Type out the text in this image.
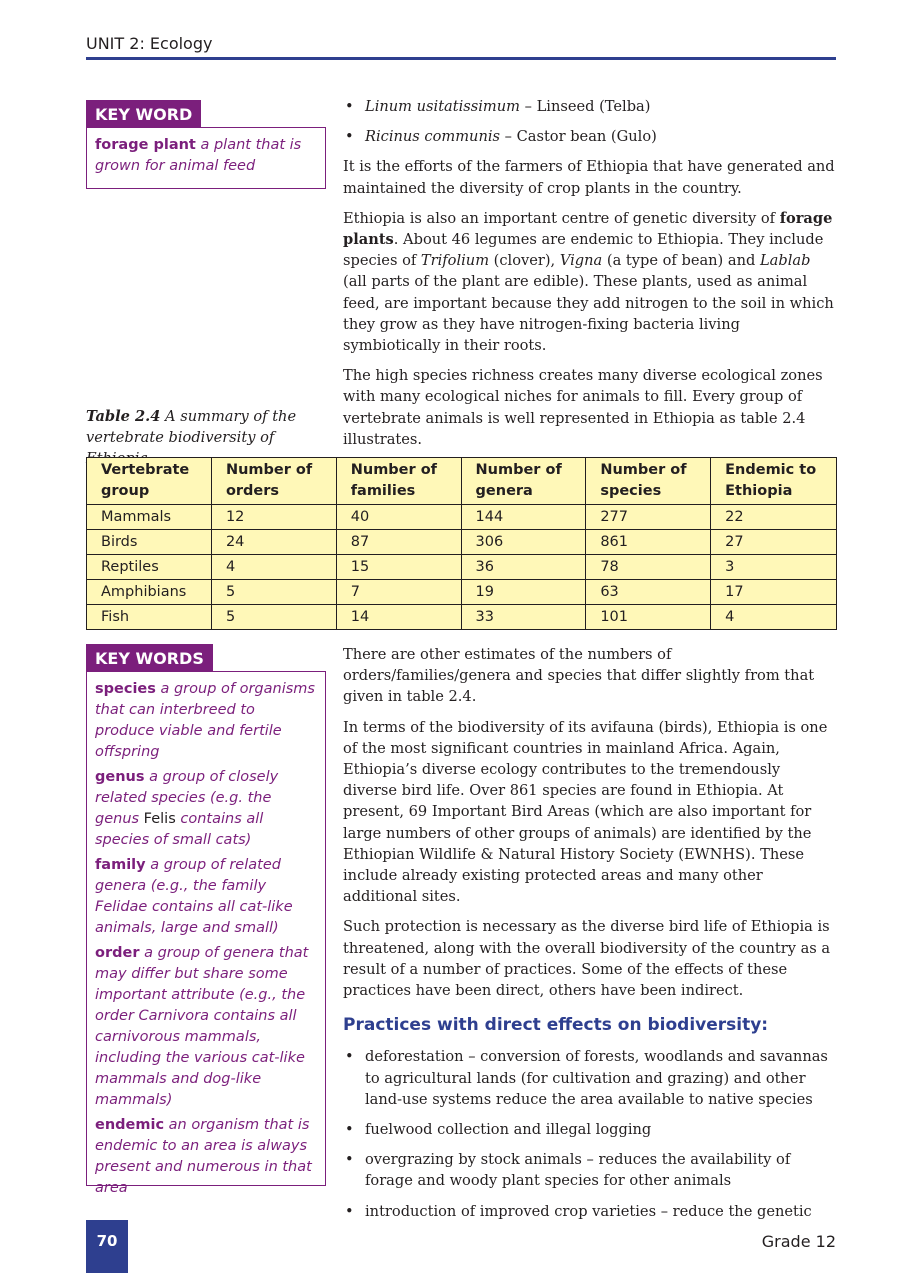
UNIT 2: Ecology
KEY WORD
forage plant a plant that is grown for animal feed
• Linum usitatissimum – Linseed (Telba)
• Ricinus communis – Castor bean (Gulo)

It is the efforts of the farmers of Ethiopia that have generated and maintained the diversity of crop plants in the country.

Ethiopia is also an important centre of genetic diversity of forage plants. About 46 legumes are endemic to Ethiopia. They include species of Trifolium (clover), Vigna (a type of bean) and Lablab (all parts of the plant are edible). These plants, used as animal feed, are important because they add nitrogen to the soil in which they grow as they have nitrogen-fixing bacteria living symbiotically in their roots.

The high species richness creates many diverse ecological zones with many ecological niches for animals to fill. Every group of vertebrate animals is well represented in Ethiopia as table 2.4 illustrates.

Table 2.4 A summary of the vertebrate biodiversity of
Vertebrate group	Number of orders	Number of families	Number of genera	Number of species	Endemic to Ethiopia
Mammals	12	40	144	277	22
Birds	24	87	306	861	27
Reptiles	4	15	36	78	3
Amphibians	5	7	19	63	17
Fish	5	14	33	101	4
KEY WORDS
species a group of organisms that can interbreed to produce viable and fertile offspring
genus a group of closely related species (e.g. the genus Felis contains all species of small cats)
family a group of related genera (e.g., the family Felidae contains all cat-like animals, large and small)
order a group of genera that may differ but share some important attribute (e.g., the order Carnivora contains all carnivorous mammals, including the various cat-like mammals and dog-like mammals)
endemic an organism that is endemic to an area is always present and numerous in that area

There are other estimates of the numbers of orders/families/genera and species that differ slightly from that given in table 2.4.

In terms of the biodiversity of its avifauna (birds), Ethiopia is one of the most significant countries in mainland Africa. Again, Ethiopia’s diverse ecology contributes to the tremendously diverse bird life. Over 861 species are found in Ethiopia. At present, 69 Important Bird Areas (which are also important for large numbers of other groups of animals) are identified by the Ethiopian Wildlife & Natural History Society (EWNHS). These include already existing protected areas and many other additional sites.

Such protection is necessary as the diverse bird life of Ethiopia is threatened, along with the overall biodiversity of the country as a result of a number of practices. Some of the effects of these practices have been direct, others have been indirect.

Practices with direct effects on biodiversity:
• deforestation – conversion of forests, woodlands and savannas to agricultural lands (for cultivation and grazing) and other land-use systems reduce the area available to native species
• fuelwood collection and illegal logging
• overgrazing by stock animals – reduces the availability of forage and woody plant species for other animals
• introduction of improved crop varieties – reduce the genetic
70	Grade 12
